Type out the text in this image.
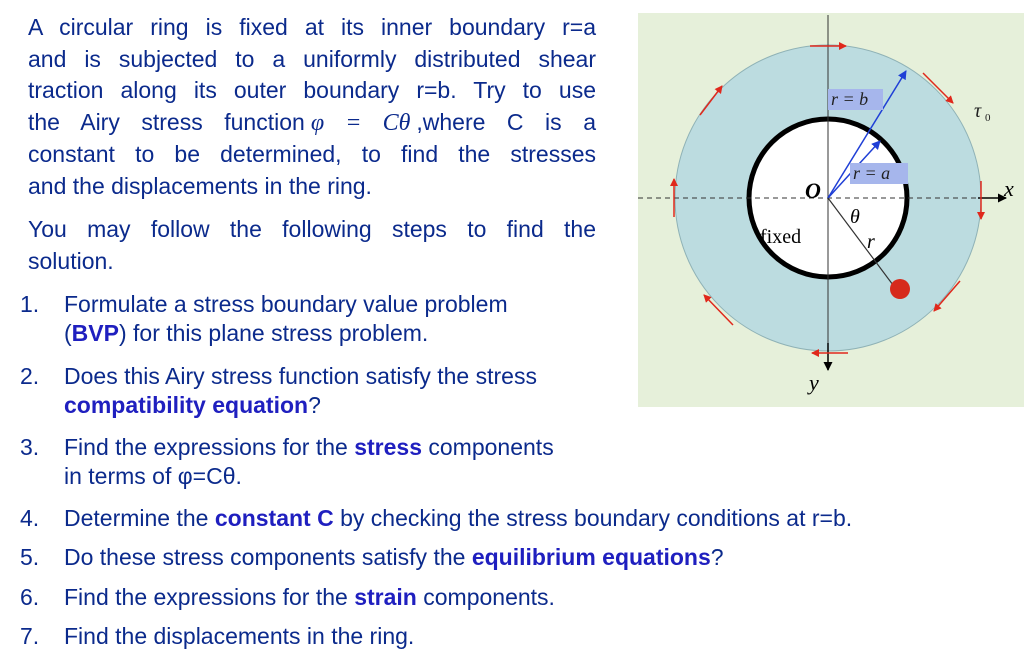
A circular ring is fixed at its inner boundary r=a
and is subjected to a uniformly distributed shear
traction along its outer boundary r=b. Try to use
the Airy stress function φ = Cθ ,where C is a
constant to be determined, to find the stresses
and the displacements in the ring.
You may follow the following steps to find the
solution.
1.	Formulate a stress boundary value problem
(BVP) for this plane stress problem.
2.	Does this Airy stress function satisfy the stress
compatibility equation?
3.	Find the expressions for the stress components
in terms of φ=Cθ.
4.	Determine the constant C by checking the stress boundary conditions at r=b.
5.	Do these stress components satisfy the equilibrium equations?
6.	Find the expressions for the strain components.
7.	Find the displacements in the ring.
r = b
r = a
τ 0
O	x
y
θ
r
fixed
